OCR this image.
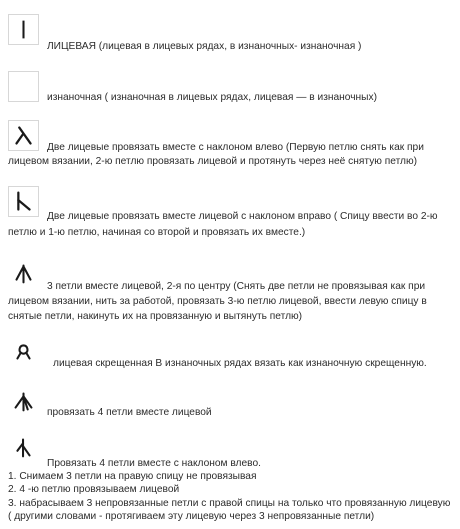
ЛИЦЕВАЯ (лицевая в лицевых рядах, в изнаночных- изнаночная )

изнаночная ( изнаночная в лицевых рядах, лицевая — в изнаночных)

Две лицевые провязать вместе с наклоном влево (Первую петлю снять как при

лицевом вязании, 2-ю петлю провязать лицевой и протянуть через неё снятую петлю)

Две лицевые провязать вместе лицевой с наклоном вправо ( Спицу ввести во 2-ю

петлю и 1-ю петлю, начиная со второй и провязать их вместе.)

3 петли вместе лицевой, 2-я по центру (Снять две петли не провязывая как при

лицевом вязании, нить за работой, провязать 3-ю петлю лицевой, ввести левую спицу в

снятые петли, накинуть их на провязанную и вытянуть петлю)

лицевая скрещенная В изнаночных рядах вязать как изнаночную скрещенную.

провязать 4 петли вместе лицевой

Провязать 4 петли вместе с наклоном влево.

1. Снимаем 3 петли на правую спицу не провязывая
2. 4 -ю петлю провязываем лицевой
3. набрасываем 3 непровязанные петли с правой спицы на только что провязанную лицевую
( другими словами - протягиваем эту лицевую через 3 непровязанные петли)
